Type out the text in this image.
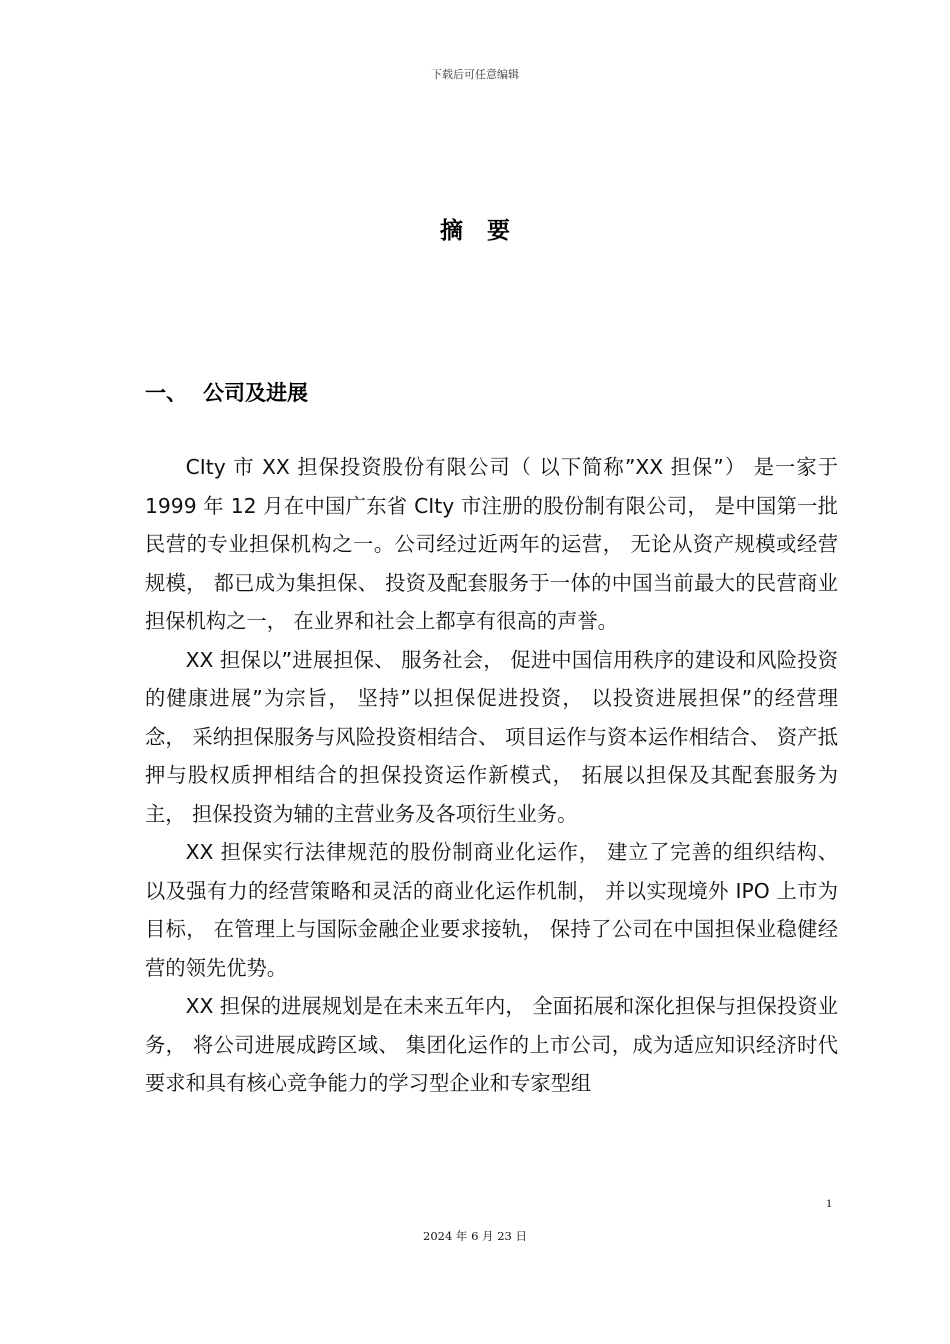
下载后可任意编辑
摘要
一、 公司及进展

CIty 市 XX 担保投资股份有限公司（ 以下简称”XX 担保”） 是一家于 1999 年 12 月在中国广东省 CIty 市注册的股份制有限公司， 是中国第一批民营的专业担保机构之一。公司经过近两年的运营， 无论从资产规模或经营规模， 都已成为集担保、 投资及配套服务于一体的中国当前最大的民营商业担保机构之一， 在业界和社会上都享有很高的声誉。

XX 担保以”进展担保、 服务社会， 促进中国信用秩序的建设和风险投资的健康进展”为宗旨， 坚持”以担保促进投资， 以投资进展担保”的经营理念， 采纳担保服务与风险投资相结合、 项目运作与资本运作相结合、 资产抵押与股权质押相结合的担保投资运作新模式， 拓展以担保及其配套服务为主， 担保投资为辅的主营业务及各项衍生业务。

XX 担保实行法律规范的股份制商业化运作， 建立了完善的组织结构、 以及强有力的经营策略和灵活的商业化运作机制， 并以实现境外 IPO 上市为目标， 在管理上与国际金融企业要求接轨， 保持了公司在中国担保业稳健经营的领先优势。

XX 担保的进展规划是在未来五年内， 全面拓展和深化担保与担保投资业务， 将公司进展成跨区域、 集团化运作的上市公司，成为适应知识经济时代要求和具有核心竞争能力的学习型企业和专家型组

1
2024 年 6 月 23 日
